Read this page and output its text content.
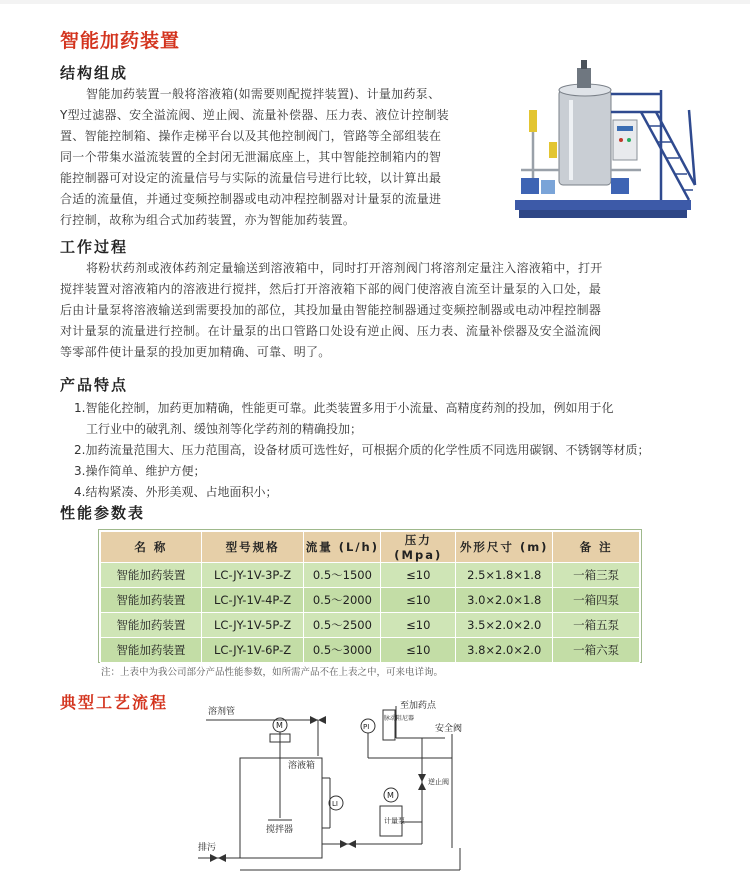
智能加药装置
结构组成
智能加药装置一般将溶液箱(如需要则配搅拌装置)、计量加药泵、
Y型过滤器、安全溢流阀、逆止阀、流量补偿器、压力表、液位计控制装
置、智能控制箱、操作走梯平台以及其他控制阀门，管路等全部组装在
同一个带集水溢流装置的全封闭无泄漏底座上，其中智能控制箱内的智
能控制器可对设定的流量信号与实际的流量信号进行比较，以计算出最
合适的流量值，并通过变频控制器或电动冲程控制器对计量泵的流量进
行控制，故称为组合式加药装置，亦为智能加药装置。
工作过程
将粉状药剂或液体药剂定量输送到溶液箱中，同时打开溶剂阀门将溶剂定量注入溶液箱中，打开
搅拌装置对溶液箱内的溶液进行搅拌，然后打开溶液箱下部的阀门使溶液自流至计量泵的入口处，最
后由计量泵将溶液输送到需要投加的部位，其投加量由智能控制器通过变频控制器或电动冲程控制器
对计量泵的流量进行控制。在计量泵的出口管路口处设有逆止阀、压力表、流量补偿器及安全溢流阀
等零部件使计量泵的投加更加精确、可靠、明了。
产品特点
1.智能化控制，加药更加精确，性能更可靠。此类装置多用于小流量、高精度药剂的投加，例如用于化
工行业中的破乳剂、缓蚀剂等化学药剂的精确投加；
2.加药流量范围大、压力范围高，设备材质可选性好，可根据介质的化学性质不同选用碳钢、不锈钢等材质；
3.操作简单、维护方便；
4.结构紧凑、外形美观、占地面积小；
性能参数表
名 称	型号规格	流量 (L/h)	压力 (Mpa)	外形尺寸 (m)	备 注
智能加药装置	LC-JY-1V-3P-Z	0.5～1500	≤10	2.5×1.8×1.8	一箱三泵
智能加药装置	LC-JY-1V-4P-Z	0.5～2000	≤10	3.0×2.0×1.8	一箱四泵
智能加药装置	LC-JY-1V-5P-Z	0.5～2500	≤10	3.5×2.0×2.0	一箱五泵
智能加药装置	LC-JY-1V-6P-Z	0.5～3000	≤10	3.8×2.0×2.0	一箱六泵

注：上表中为我公司部分产品性能参数，如所需产品不在上表之中，可来电详询。

典型工艺流程	溶剂管
溶液箱
搅拌器
排污
M
M
PI
LI
计量泵
至加药点
逆止阀
安全阀
脉动阻尼器
